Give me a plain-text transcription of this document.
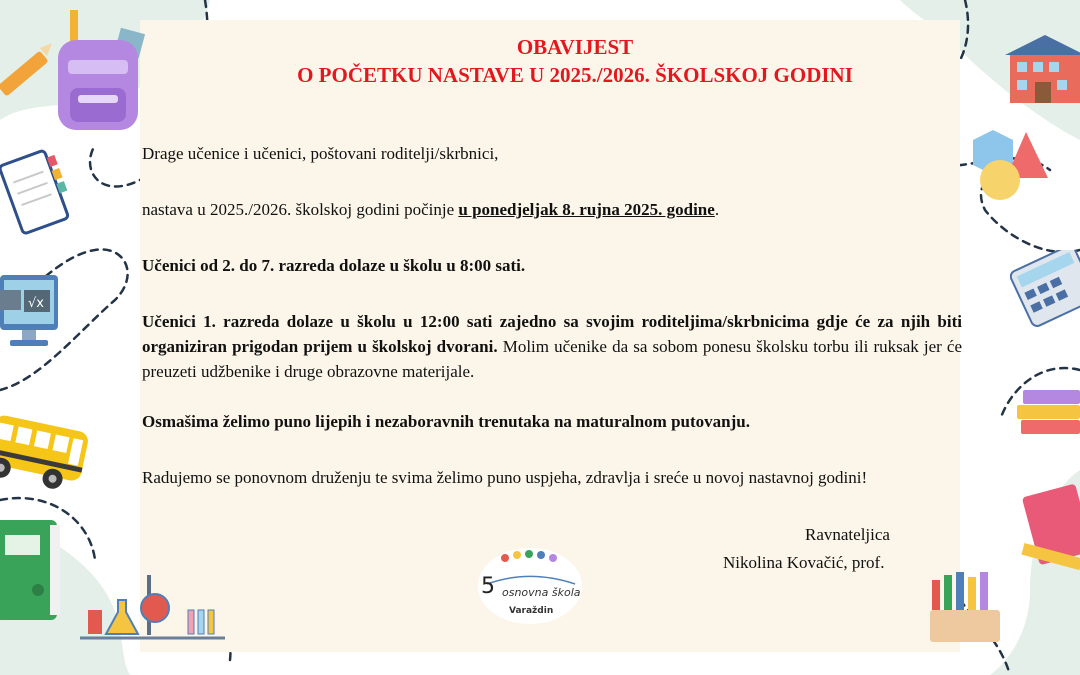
√x
OBAVIJEST
O POČETKU NASTAVE U 2025./2026. ŠKOLSKOJ GODINI

Drage učenice i učenici, poštovani roditelji/skrbnici,

nastava u 2025./2026. školskoj godini počinje u ponedjeljak 8. rujna 2025. godine.

Učenici od 2. do 7. razreda dolaze u školu u 8:00 sati.

Učenici 1. razreda dolaze u školu u 12:00 sati zajedno sa svojim roditeljima/skrbnicima gdje će za njih biti organiziran prigodan prijem u školskoj dvorani. Molim učenike da sa sobom ponesu školsku torbu ili ruksak jer će preuzeti udžbenike i druge obrazovne materijale.

Osmašima želimo puno lijepih i nezaboravnih trenutaka na maturalnom putovanju.

Radujemo se ponovnom druženju te svima želimo puno uspjeha, zdravlja i sreće u novoj nastavnoj godini!

Ravnateljica
Nikolina Kovačić, prof.
5 osnovna škola
Varaždin
